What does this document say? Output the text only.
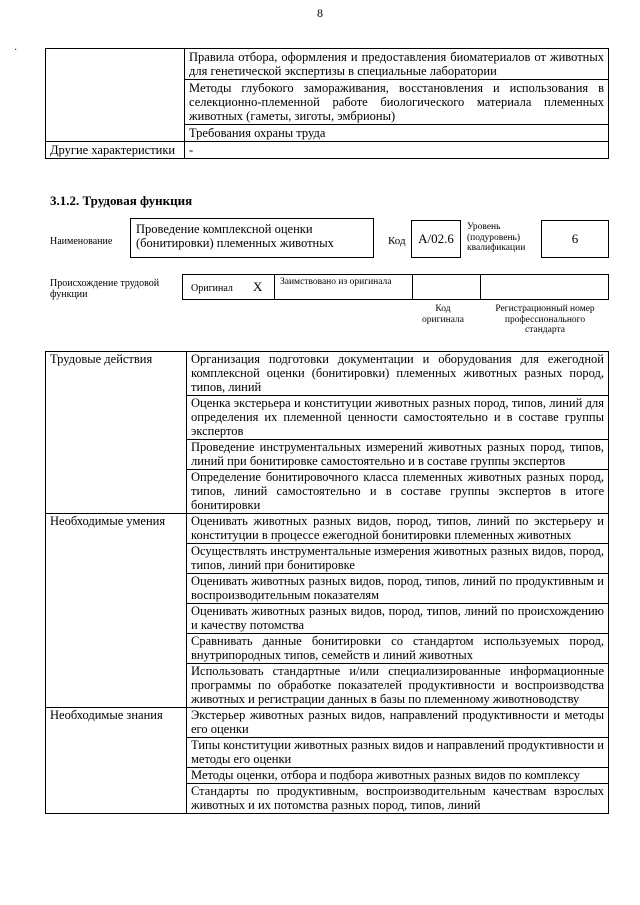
8
·
		Правила отбора, оформления и предоставления биоматериалов от животных для генетической экспертизы в специальные лаборатории
	Методы глубокого замораживания, восстановления и использования в селекционно-племенной работе биологического материала племенных животных (гаметы, зиготы, эмбрионы)
	Требования охраны труда
Другие характеристики	-
3.1.2. Трудовая функция
Наименование
Проведение комплексной оценки (бонитировки) племенных животных	Код А/02.6
Уровень (подуровень) квалификации
6
Происхождение трудовой функции
Оригинал X Заимствовано из оригинала
Код оригинала
Регистрационный номер профессионального стандарта
Трудовые действия	Организация подготовки документации и оборудования для ежегодной комплексной оценки (бонитировки) племенных животных разных пород, типов, линий
	Оценка экстерьера и конституции животных разных пород, типов, линий для определения их племенной ценности самостоятельно и в составе группы экспертов
	Проведение инструментальных измерений животных разных пород, типов, линий при бонитировке самостоятельно и в составе группы экспертов
	Определение бонитировочного класса племенных животных разных пород, типов, линий самостоятельно и в составе группы экспертов в итоге бонитировки
Необходимые умения	Оценивать животных разных видов, пород, типов, линий по экстерьеру и конституции в процессе ежегодной бонитировки племенных животных
	Осуществлять инструментальные измерения животных разных видов, пород, типов, линий при бонитировке
	Оценивать животных разных видов, пород, типов, линий по продуктивным и воспроизводительным показателям
	Оценивать животных разных видов, пород, типов, линий по происхождению и качеству потомства
	Сравнивать данные бонитировки со стандартом используемых пород, внутрипородных типов, семейств и линий животных
	Использовать стандартные и/или специализированные информационные программы по обработке показателей продуктивности и воспроизводства животных и регистрации данных в базы по племенному животноводству
Необходимые знания	Экстерьер животных разных видов, направлений продуктивности и методы его оценки
	Типы конституции животных разных видов и направлений продуктивности и методы его оценки
	Методы оценки, отбора и подбора животных разных видов по комплексу
	Стандарты по продуктивным, воспроизводительным качествам взрослых животных и их потомства разных пород, типов, линий
